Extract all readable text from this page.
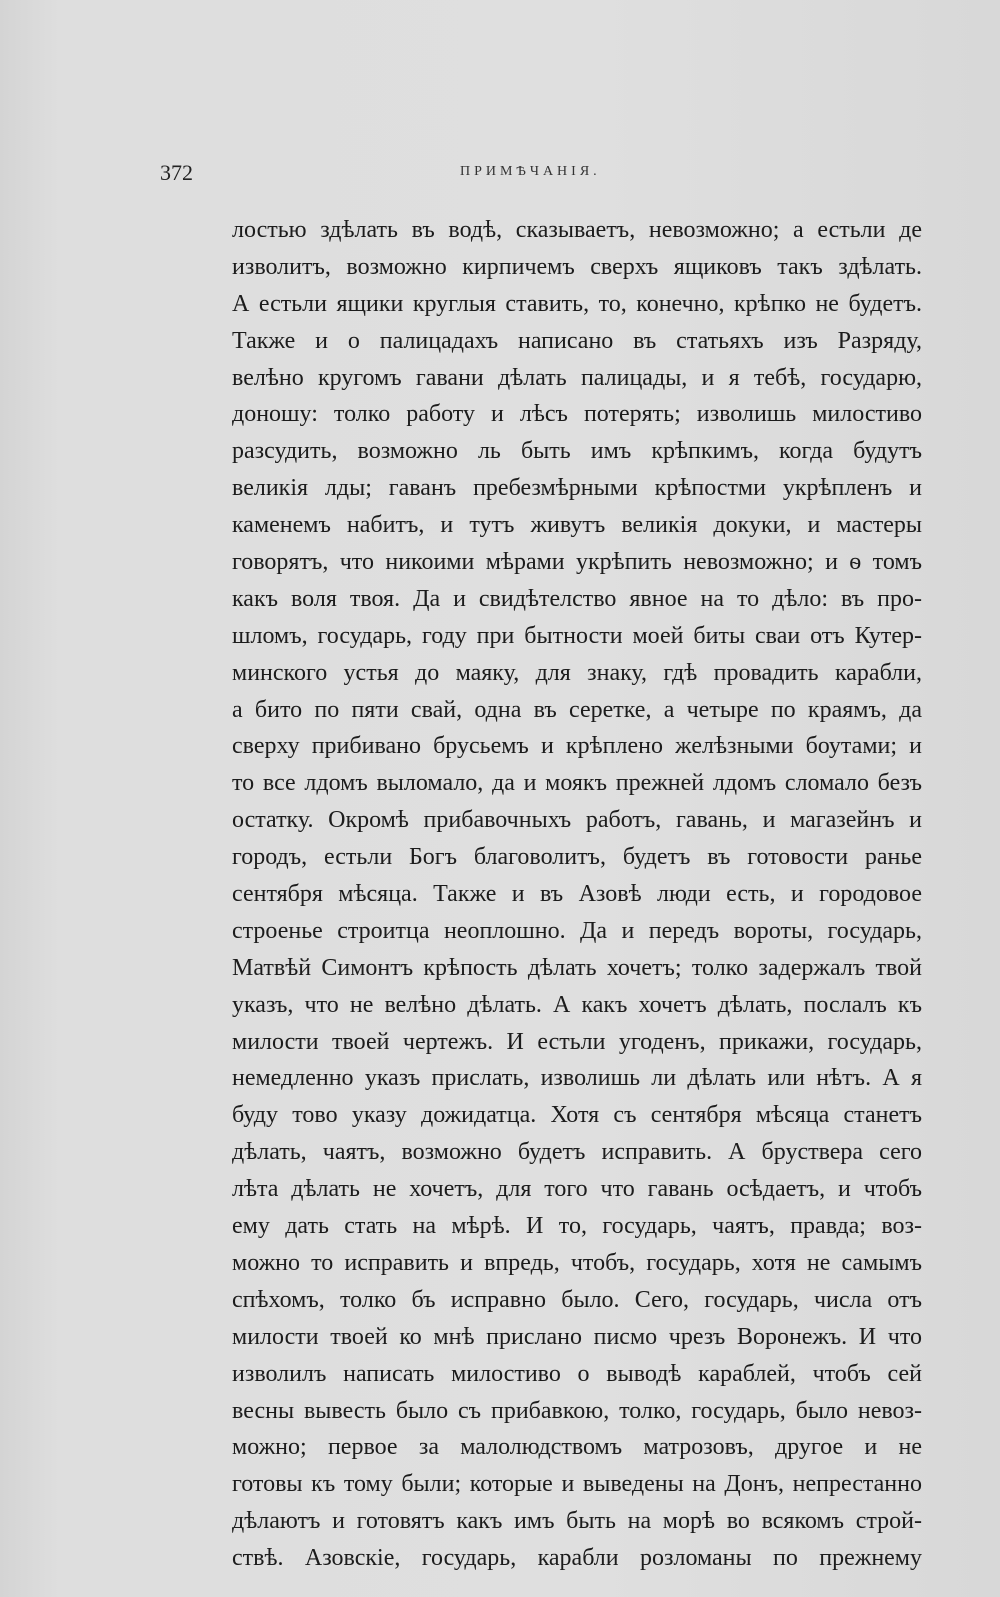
372	ПРИМѢЧАНІЯ.
лостью здѣлать въ водѣ, сказываетъ, невозможно; а естьли де
изволитъ, возможно кирпичемъ сверхъ ящиковъ такъ здѣлать.
А естьли ящики круглыя ставить, то, конечно, крѣпко не будетъ.
Также и о палицадахъ написано въ статьяхъ изъ Разряду,
велѣно кругомъ гавани дѣлать палицады, и я тебѣ, государю,
доношу: толко работу и лѣсъ потерять; изволишь милостиво
разсудить, возможно ль быть имъ крѣпкимъ, когда будутъ
великія лды; гаванъ пребезмѣрными крѣпостми укрѣпленъ и
каменемъ набитъ, и тутъ живутъ великія докуки, и мастеры
говорятъ, что никоими мѣрами укрѣпить невозможно; и ѳ томъ
какъ воля твоя. Да и свидѣтелство явное на то дѣло: въ про-
шломъ, государь, году при бытности моей биты сваи отъ Кутер-
минского устья до маяку, для знаку, гдѣ провадить карабли,
а бито по пяти свай, одна въ серетке, а четыре по краямъ, да
сверху прибивано брусьемъ и крѣплено желѣзными боутами; и
то все лдомъ выломало, да и моякъ прежней лдомъ сломало безъ
остатку. Окромѣ прибавочныхъ работъ, гавань, и магазейнъ и
городъ, естьли Богъ благоволитъ, будетъ въ готовости ранье
сентября мѣсяца. Также и въ Азовѣ люди есть, и городовое
строенье строитца неоплошно. Да и передъ вороты, государь,
Матвѣй Симонтъ крѣпость дѣлать хочетъ; толко задержалъ твой
указъ, что не велѣно дѣлать. А какъ хочетъ дѣлать, послалъ къ
милости твоей чертежъ. И естьли угоденъ, прикажи, государь,
немедленно указъ прислать, изволишь ли дѣлать или нѣтъ. А я
буду тово указу дожидатца. Хотя съ сентября мѣсяца станетъ
дѣлать, чаятъ, возможно будетъ исправить. А бруствера сего
лѣта дѣлать не хочетъ, для того что гавань осѣдаетъ, и чтобъ
ему дать стать на мѣрѣ. И то, государь, чаятъ, правда; воз-
можно то исправить и впредь, чтобъ, государь, хотя не самымъ
спѣхомъ, толко бъ исправно было. Сего, государь, числа отъ
милости твоей ко мнѣ прислано писмо чрезъ Воронежъ. И что
изволилъ написать милостиво о выводѣ караблей, чтобъ сей
весны вывесть было съ прибавкою, толко, государь, было невоз-
можно; первое за малолюдствомъ матрозовъ, другое и не
готовы къ тому были; которые и выведены на Донъ, непрестанно
дѣлаютъ и готовятъ какъ имъ быть на морѣ во всякомъ строй-
ствѣ. Азовскіе, государь, карабли розломаны по прежнему
